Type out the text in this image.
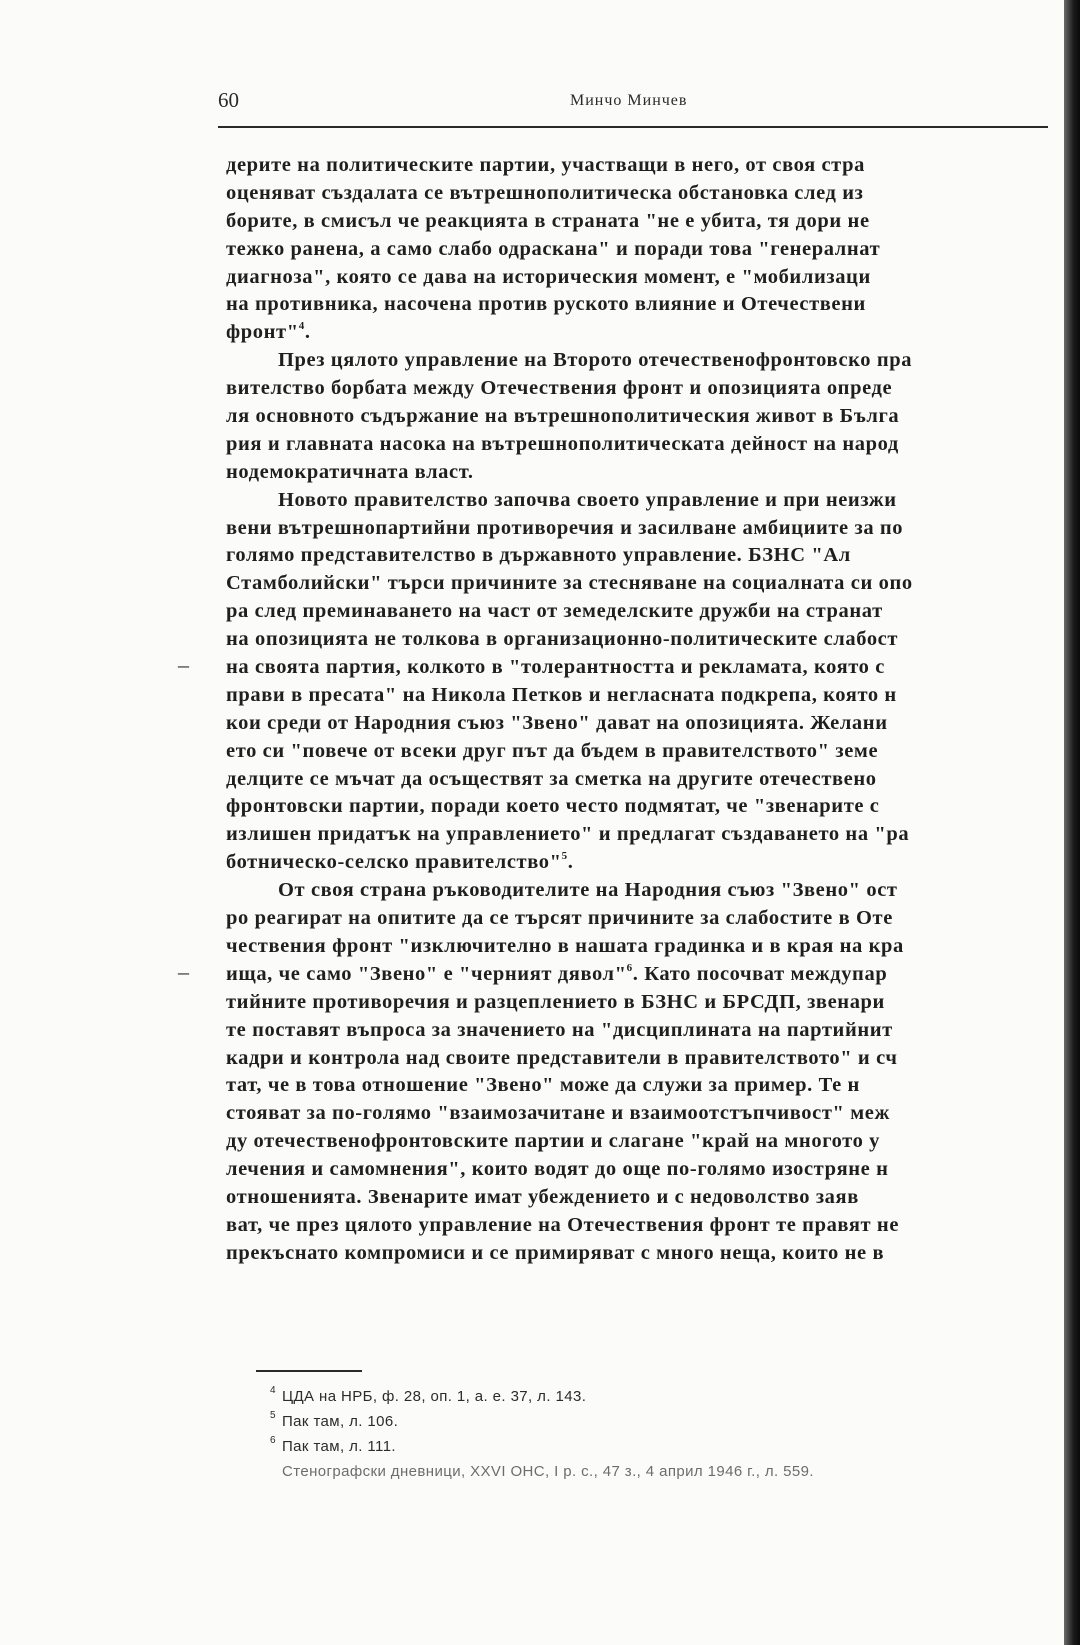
60	Минчо Минчев
дерите на политическите партии, участващи в него, от своя стра
оценяват създалата се вътрешнополитическа обстановка след из
борите, в смисъл че реакцията в страната "не е убита, тя дори не
тежко ранена, а само слабо одраскана" и поради това "генералнат
диагноза", която се дава на историческия момент, е "мобилизаци
на противника, насочена против руското влияние и Отечествени
фронт"$^4$.
През цялото управление на Второто отечественофронтовско пра
вителство борбата между Отечествения фронт и опозицията опреде
ля основното съдържание на вътрешнополитическия живот в Бълга
рия и главната насока на вътрешнополитическата дейност на народ
нодемократичната власт.
Новото правителство започва своето управление и при неизжи
вени вътрешнопартийни противоречия и засилване амбициите за по
голямо представителство в държавното управление. БЗНС "Ал
Стамболийски" търси причините за стесняване на социалната си опо
ра след преминаването на част от земеделските дружби на странат
на опозицията не толкова в организационно-политическите слабост
на своята партия, колкото в "толерантността и рекламата, която с
прави в пресата" на Никола Петков и негласната подкрепа, която н
кои среди от Народния съюз "Звено" дават на опозицията. Желани
ето си "повече от всеки друг път да бъдем в правителството" земе
делците се мъчат да осъществят за сметка на другите отечествено
фронтовски партии, поради което често подмятат, че "звенарите с
излишен придатък на управлението" и предлагат създаването на "ра
ботническо-селско правителство"$^5$.
От своя страна ръководителите на Народния съюз "Звено" ост
ро реагират на опитите да се търсят причините за слабостите в Оте
чествения фронт "изключително в нашата градинка и в края на кра
ища, че само "Звено" е "черният дявол"$^6$. Като посочват междупар
тийните противоречия и разцеплението в БЗНС и БРСДП, звенари
те поставят въпроса за значението на "дисциплината на партийнит
кадри и контрола над своите представители в правителството" и сч
тат, че в това отношение "Звено" може да служи за пример. Те н
стояват за по-голямо "взаимозачитане и взаимоотстъпчивост" меж
ду отечественофронтовските партии и слагане "край на многото у
лечения и самомнения", които водят до още по-голямо изостряне н
отношенията. Звенарите имат убеждението и с недоволство заяв
ват, че през цялото управление на Отечествения фронт те правят не
прекъснато компромиси и се примиряват с много неща, които не в
–
–
4 ЦДА на НРБ, ф. 28, оп. 1, а. е. 37, л. 143.
5 Пак там, л. 106.
6 Пак там, л. 111.
Стенографски дневници, XXVI ОНС, I р. с., 47 з., 4 април 1946 г., л. 559.
